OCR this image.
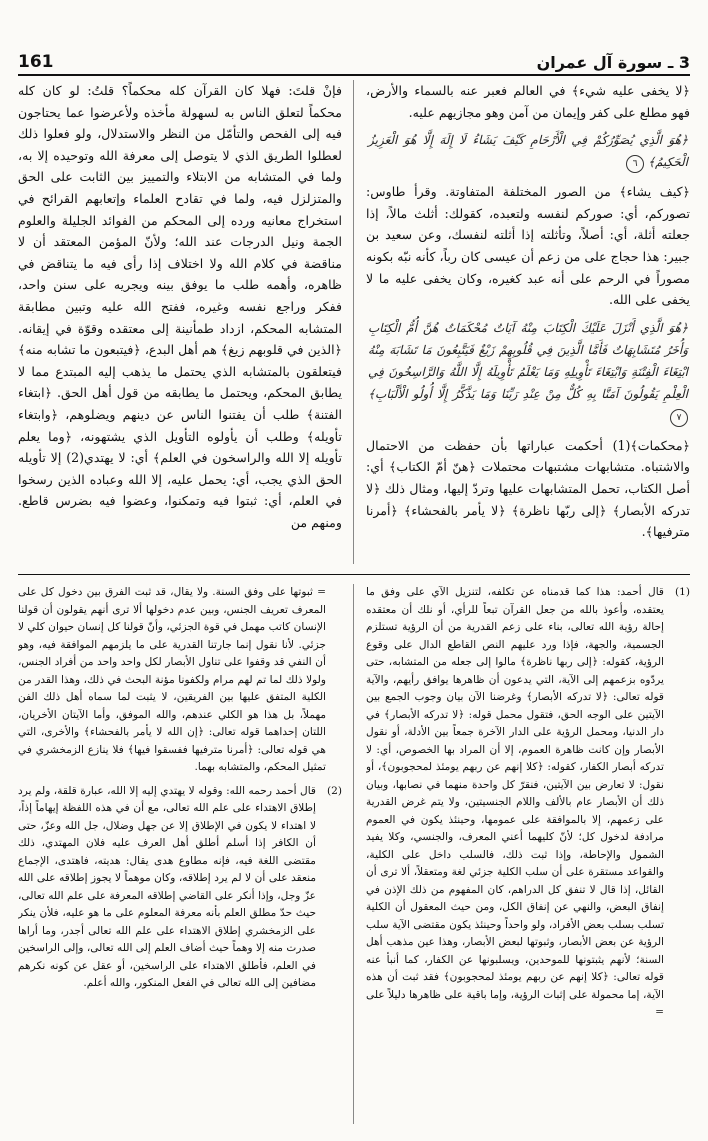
161	3 ـ سورة آل عمران

﴿لا يخفى عليه شيء﴾ في العالم فعبر عنه بالسماء والأرض، فهو مطلع على كفر وإيمان من آمن وهو مجازيهم عليه.

﴿هُوَ الَّذِي يُصَوِّرُكُمْ فِي الْأَرْحَامِ كَيْفَ يَشَاءُ لَا إِلَهَ إِلَّا هُوَ الْعَزِيزُ الْحَكِيمُ﴾ ٦

﴿كيف يشاء﴾ من الصور المختلفة المتفاوتة. وقرأ طاوس: تصوركم، أي: صوركم لنفسه ولتعبده، كقولك: أثلث مالاً، إذا جعلته أثلة، أي: أصلاً، وتأثلته إذا أثلته لنفسك، وعن سعيد بن جبير: هذا حجاج على من زعم أن عيسى كان رباً، كأنه نبّه بكونه مصوراً في الرحم على أنه عبد كغيره، وكان يخفى عليه ما لا يخفى على الله.

﴿هُوَ الَّذِي أَنْزَلَ عَلَيْكَ الْكِتَابَ مِنْهُ آيَاتٌ مُحْكَمَاتٌ هُنَّ أُمُّ الْكِتَابِ وَأُخَرُ مُتَشَابِهَاتٌ فَأَمَّا الَّذِينَ فِي قُلُوبِهِمْ زَيْغٌ فَيَتَّبِعُونَ مَا تَشَابَهَ مِنْهُ ابْتِغَاءَ الْفِتْنَةِ وَابْتِغَاءَ تَأْوِيلِهِ وَمَا يَعْلَمُ تَأْوِيلَهُ إِلَّا اللَّهُ وَالرَّاسِخُونَ فِي الْعِلْمِ يَقُولُونَ آمَنَّا بِهِ كُلٌّ مِنْ عِنْدِ رَبِّنَا وَمَا يَذَّكَّرُ إِلَّا أُولُو الْأَلْبَابِ﴾ ٧

﴿محكمات﴾(1) أحكمت عباراتها بأن حفظت من الاحتمال والاشتباه. متشابهات مشتبهات محتملات ﴿هنّ أمّ الكتاب﴾ أي: أصل الكتاب، تحمل المتشابهات عليها وتردّ إليها، ومثال ذلك ﴿لا تدركه الأبصار﴾ ﴿إلى ربّها ناظرة﴾ ﴿لا يأمر بالفحشاء﴾ ﴿أمرنا مترفيها﴾.

فإنْ قلتَ: فهلا كان القرآن كله محكماً؟ قلتُ: لو كان كله محكماً لتعلق الناس به لسهولة مأخذه ولأعرضوا عما يحتاجون فيه إلى الفحص والتأمّل من النظر والاستدلال، ولو فعلوا ذلك لعطلوا الطريق الذي لا يتوصل إلى معرفة الله وتوحيده إلا به، ولما في المتشابه من الابتلاء والتمييز بين الثابت على الحق والمتزلزل فيه، ولما في تقادح العلماء وإتعابهم القرائح في استخراج معانيه ورده إلى المحكم من الفوائد الجليلة والعلوم الجمة ونيل الدرجات عند الله؛ ولأنّ المؤمن المعتقد أن لا مناقضة في كلام الله ولا اختلاف إذا رأى فيه ما يتناقض في ظاهره، وأهمه طلب ما يوفق بينه ويجريه على سنن واحد، ففكر وراجع نفسه وغيره، ففتح الله عليه وتبين مطابقة المتشابه المحكم، ازداد طمأنينة إلى معتقده وقوّة في إيقانه. ﴿الذين في قلوبهم زيغ﴾ هم أهل البدع، ﴿فيتبعون ما تشابه منه﴾ فيتعلقون بالمتشابه الذي يحتمل ما يذهب إليه المبتدع مما لا يطابق المحكم، ويحتمل ما يطابقه من قول أهل الحق. ﴿ابتغاء الفتنة﴾ طلب أن يفتنوا الناس عن دينهم ويضلوهم، ﴿وابتغاء تأويله﴾ وطلب أن يأولوه التأويل الذي يشتهونه، ﴿وما يعلم تأويله إلا الله والراسخون في العلم﴾ أي: لا يهتدي(2) إلا تأويله الحق الذي يجب، أي: يحمل عليه، إلا الله وعباده الذين رسخوا في العلم، أي: ثبتوا فيه وتمكنوا، وعضوا فيه بضرس قاطع. ومنهم من

(1)
قال أحمد: هذا كما قدمناه عن تكلفه، لتنزيل الآي على وفق ما يعتقده، وأعوذ بالله من جعل القرآن تبعاً للرأي، أو نلك أن معتقده إحالة رؤية الله تعالى، بناء على زعم القدرية من أن الرؤية تستلزم الجسمية، والجهة، فإذا ورد عليهم النص القاطع الدال على وقوع الرؤية، كقوله: ﴿إلى ربها ناظرة﴾ مالوا إلى جعله من المتشابه، حتى يردّوه بزعمهم إلى الآية، التي يدعون أن ظاهرها يوافق رأيهم، والآية قوله تعالى: ﴿لا تدركه الأبصار﴾ وغرضنا الآن بيان وجوب الجمع بين الآيتين على الوجه الحق، فتقول محمل قوله: ﴿لا تدركه الأبصار﴾ في دار الدنيا، ومحمل الرؤية على الدار الآخرة جمعاً بين الأدلة، أو نقول الأبصار وإن كانت ظاهرة العموم، إلا أن المراد بها الخصوص، أي: لا تدركه أبصار الكفار، كقوله: ﴿كلا إنهم عن ربهم يومئذ لمحجوبون﴾، أو نقول: لا تعارض بين الآيتين، فنقرّ كل واحدة منهما في نصابها، وبيان ذلك أن الأبصار عام بالألف واللام الجنسيتين، ولا يتم غرض القدرية على زعمهم، إلا بالموافقة على عمومها، وحينئذ يكون في العموم مرادفة لدخول كل؛ لأنّ كليهما أعني المعرف، والجنسي، وكلا يفيد الشمول والإحاطة، وإذا ثبت ذلك، فالسلب داخل على الكلية، والقواعد مستقرة على أن سلب الكلية جزئي لغة ومتعقلاً، ألا ترى أن القائل، إذا قال لا تنفق كل الدراهم، كان المفهوم من ذلك الإذن في إنفاق البعض، والنهي عن إنفاق الكل، ومن حيث المعقول أن الكلية تسلب بسلب بعض الأفراد، ولو واحداً وحينئذ يكون مقتضى الآية سلب الرؤية عن بعض الأبصار، وثبوتها لبعض الأبصار، وهذا عين مذهب أهل السنة؛ لأنهم يثبتونها للموحدين، ويسلبونها عن الكفار، كما أنبأ عنه قوله تعالى: ﴿كلا إنهم عن ربهم يومئذ لمحجوبون﴾ فقد ثبت أن هذه الآية، إما محمولة على إثبات الرؤية، وإما باقية على ظاهرها دليلاً على =

= ثبوتها على وفق السنة. ولا يقال، قد ثبت الفرق بين دخول كل على المعرف تعريف الجنس، وبين عدم دخولها ألا ترى أنهم يقولون أن قولنا الإنسان كاتب مهمل في قوة الجزئي، وأنّ قولنا كل إنسان حيوان كلي لا جزئي. لأنا نقول إنما جارتنا القدرية على ما يلزمهم الموافقة فيه، وهو أن النفي قد وقفوا على تناول الأبصار لكل واحد واحد من أفراد الجنس، ولولا ذلك لما تم لهم مرام ولكفونا مؤنة البحث في ذلك، وهذا القدر من الكلية المتفق عليها بين الفريقين، لا يثبت لما سماه أهل ذلك الفن مهملاً، بل هذا هو الكلي عندهم، والله الموفق، وأما الآيتان الأخريان، اللتان إحداهما قوله تعالى: ﴿إن الله لا يأمر بالفحشاء﴾ والأخرى، التي هي قوله تعالى: ﴿أمرنا مترفيها ففسقوا فيها﴾ فلا ينازع الزمخشري في تمثيل المحكم، والمتشابه بهما.

(2)
قال أحمد رحمه الله: وقوله لا يهتدي إليه إلا الله، عبارة قلقة، ولم يرد إطلاق الاهتداء على علم الله تعالى، مع أن في هذه اللفظة إيهاماً إذاً، لا اهتداء لا يكون في الإطلاق إلا عن جهل وضلال، جل الله وعزّ، حتى أن الكافر إذا أسلم أطلق أهل العرف عليه فلان المهتدي، ذلك مقتضى اللغة فيه، فإنه مطاوع هدى يقال: هديته، فاهتدى، الإجماع منعقد على أن لا لم يرد إطلاقه، وكان موهماً لا يجوز إطلاقه على الله عزّ وجل، وإذا أنكر على القاضي إطلاقه المعرفة على علم الله تعالى، حيث حدّ مطلق العلم بأنه معرفة المعلوم على ما هو عليه، فلأن ينكر على الزمخشري إطلاق الاهتداء على علم الله تعالى أجدر، وما أراها صدرت منه إلا وهماً حيث أضاف العلم إلى الله تعالى، وإلى الراسخين في العلم، فأطلق الاهتداء على الراسخين، أو عقل عن كونه نكرهم مضافين إلى الله تعالى في الفعل المنكور، والله أعلم.
